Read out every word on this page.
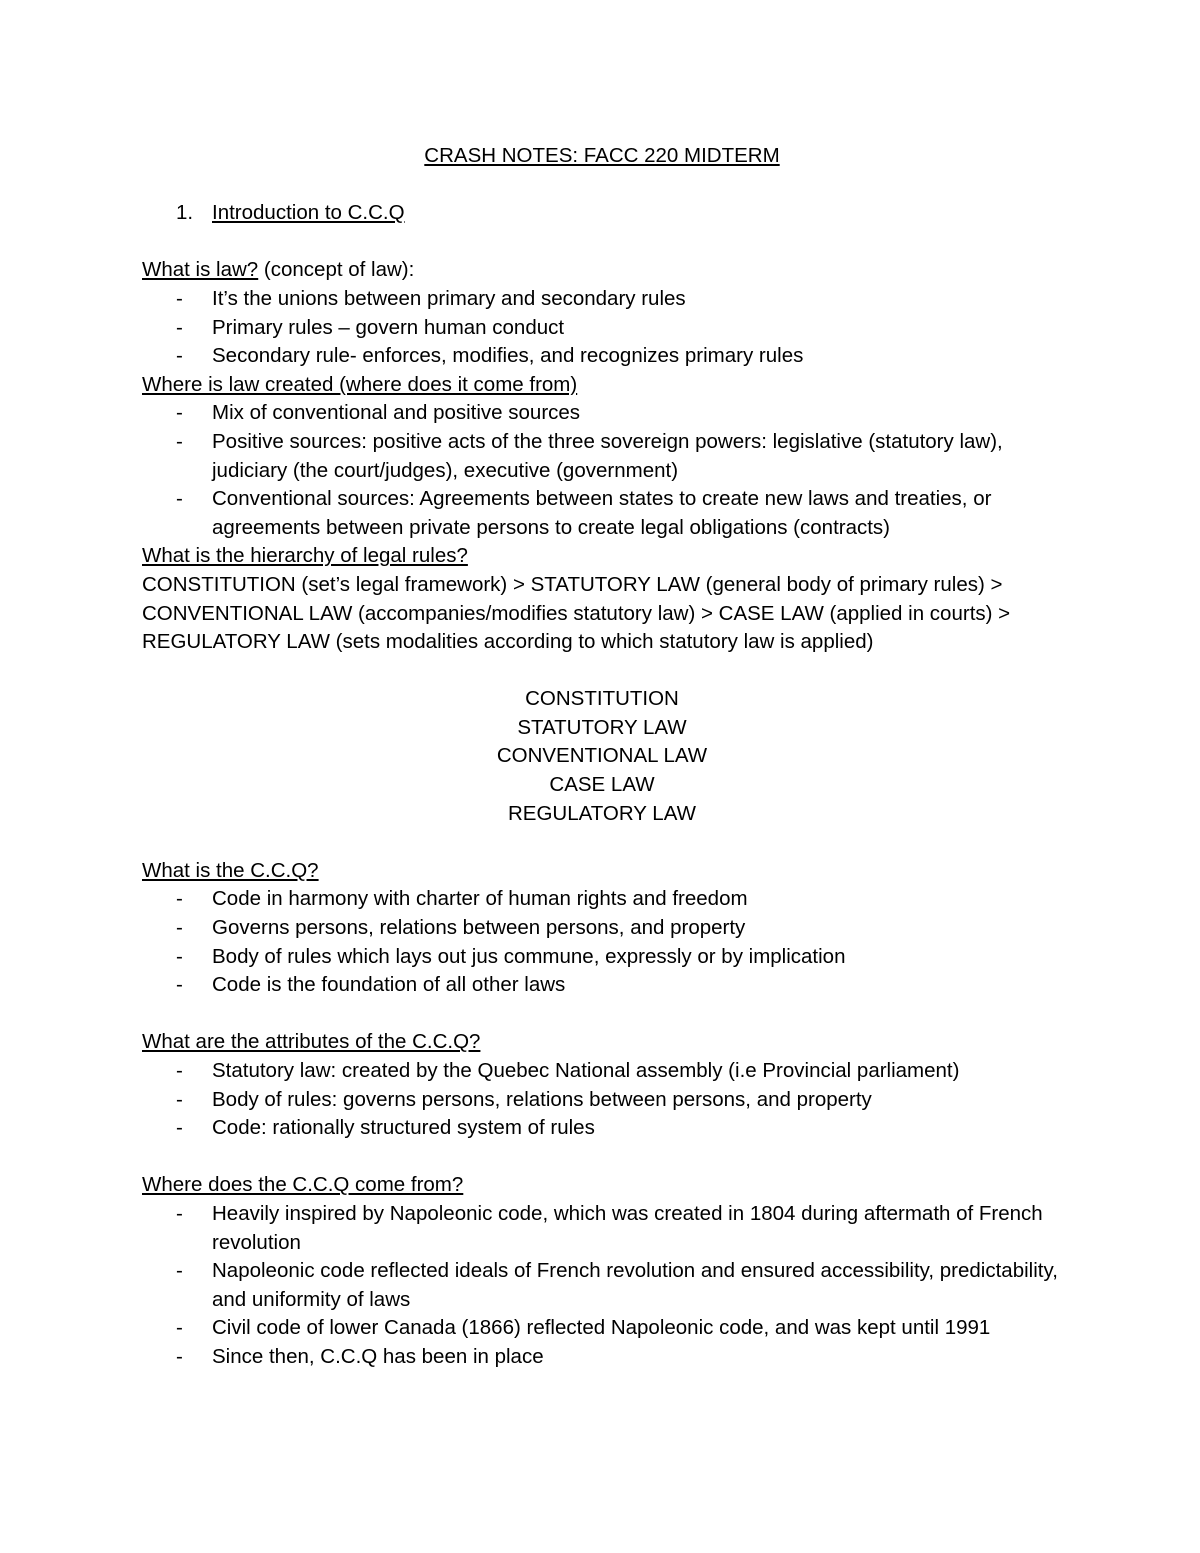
CRASH NOTES: FACC 220 MIDTERM
1. Introduction to C.C.Q
What is law? (concept of law):
- It’s the unions between primary and secondary rules
- Primary rules – govern human conduct
- Secondary rule- enforces, modifies, and recognizes primary rules
Where is law created (where does it come from)
- Mix of conventional and positive sources
- Positive sources: positive acts of the three sovereign powers: legislative (statutory law), judiciary (the court/judges), executive (government)
- Conventional sources: Agreements between states to create new laws and treaties, or agreements between private persons to create legal obligations (contracts)
What is the hierarchy of legal rules?

CONSTITUTION (set’s legal framework) > STATUTORY LAW (general body of primary rules) > CONVENTIONAL LAW (accompanies/modifies statutory law) > CASE LAW (applied in courts) > REGULATORY LAW (sets modalities according to which statutory law is applied)

CONSTITUTION
STATUTORY LAW
CONVENTIONAL LAW
CASE LAW
REGULATORY LAW
What is the C.C.Q?
- Code in harmony with charter of human rights and freedom
- Governs persons, relations between persons, and property
- Body of rules which lays out jus commune, expressly or by implication
- Code is the foundation of all other laws
What are the attributes of the C.C.Q?
- Statutory law: created by the Quebec National assembly (i.e Provincial parliament)
- Body of rules: governs persons, relations between persons, and property
- Code: rationally structured system of rules
Where does the C.C.Q come from?
- Heavily inspired by Napoleonic code, which was created in 1804 during aftermath of French revolution
- Napoleonic code reflected ideals of French revolution and ensured accessibility, predictability, and uniformity of laws
- Civil code of lower Canada (1866) reflected Napoleonic code, and was kept until 1991
- Since then, C.C.Q has been in place
